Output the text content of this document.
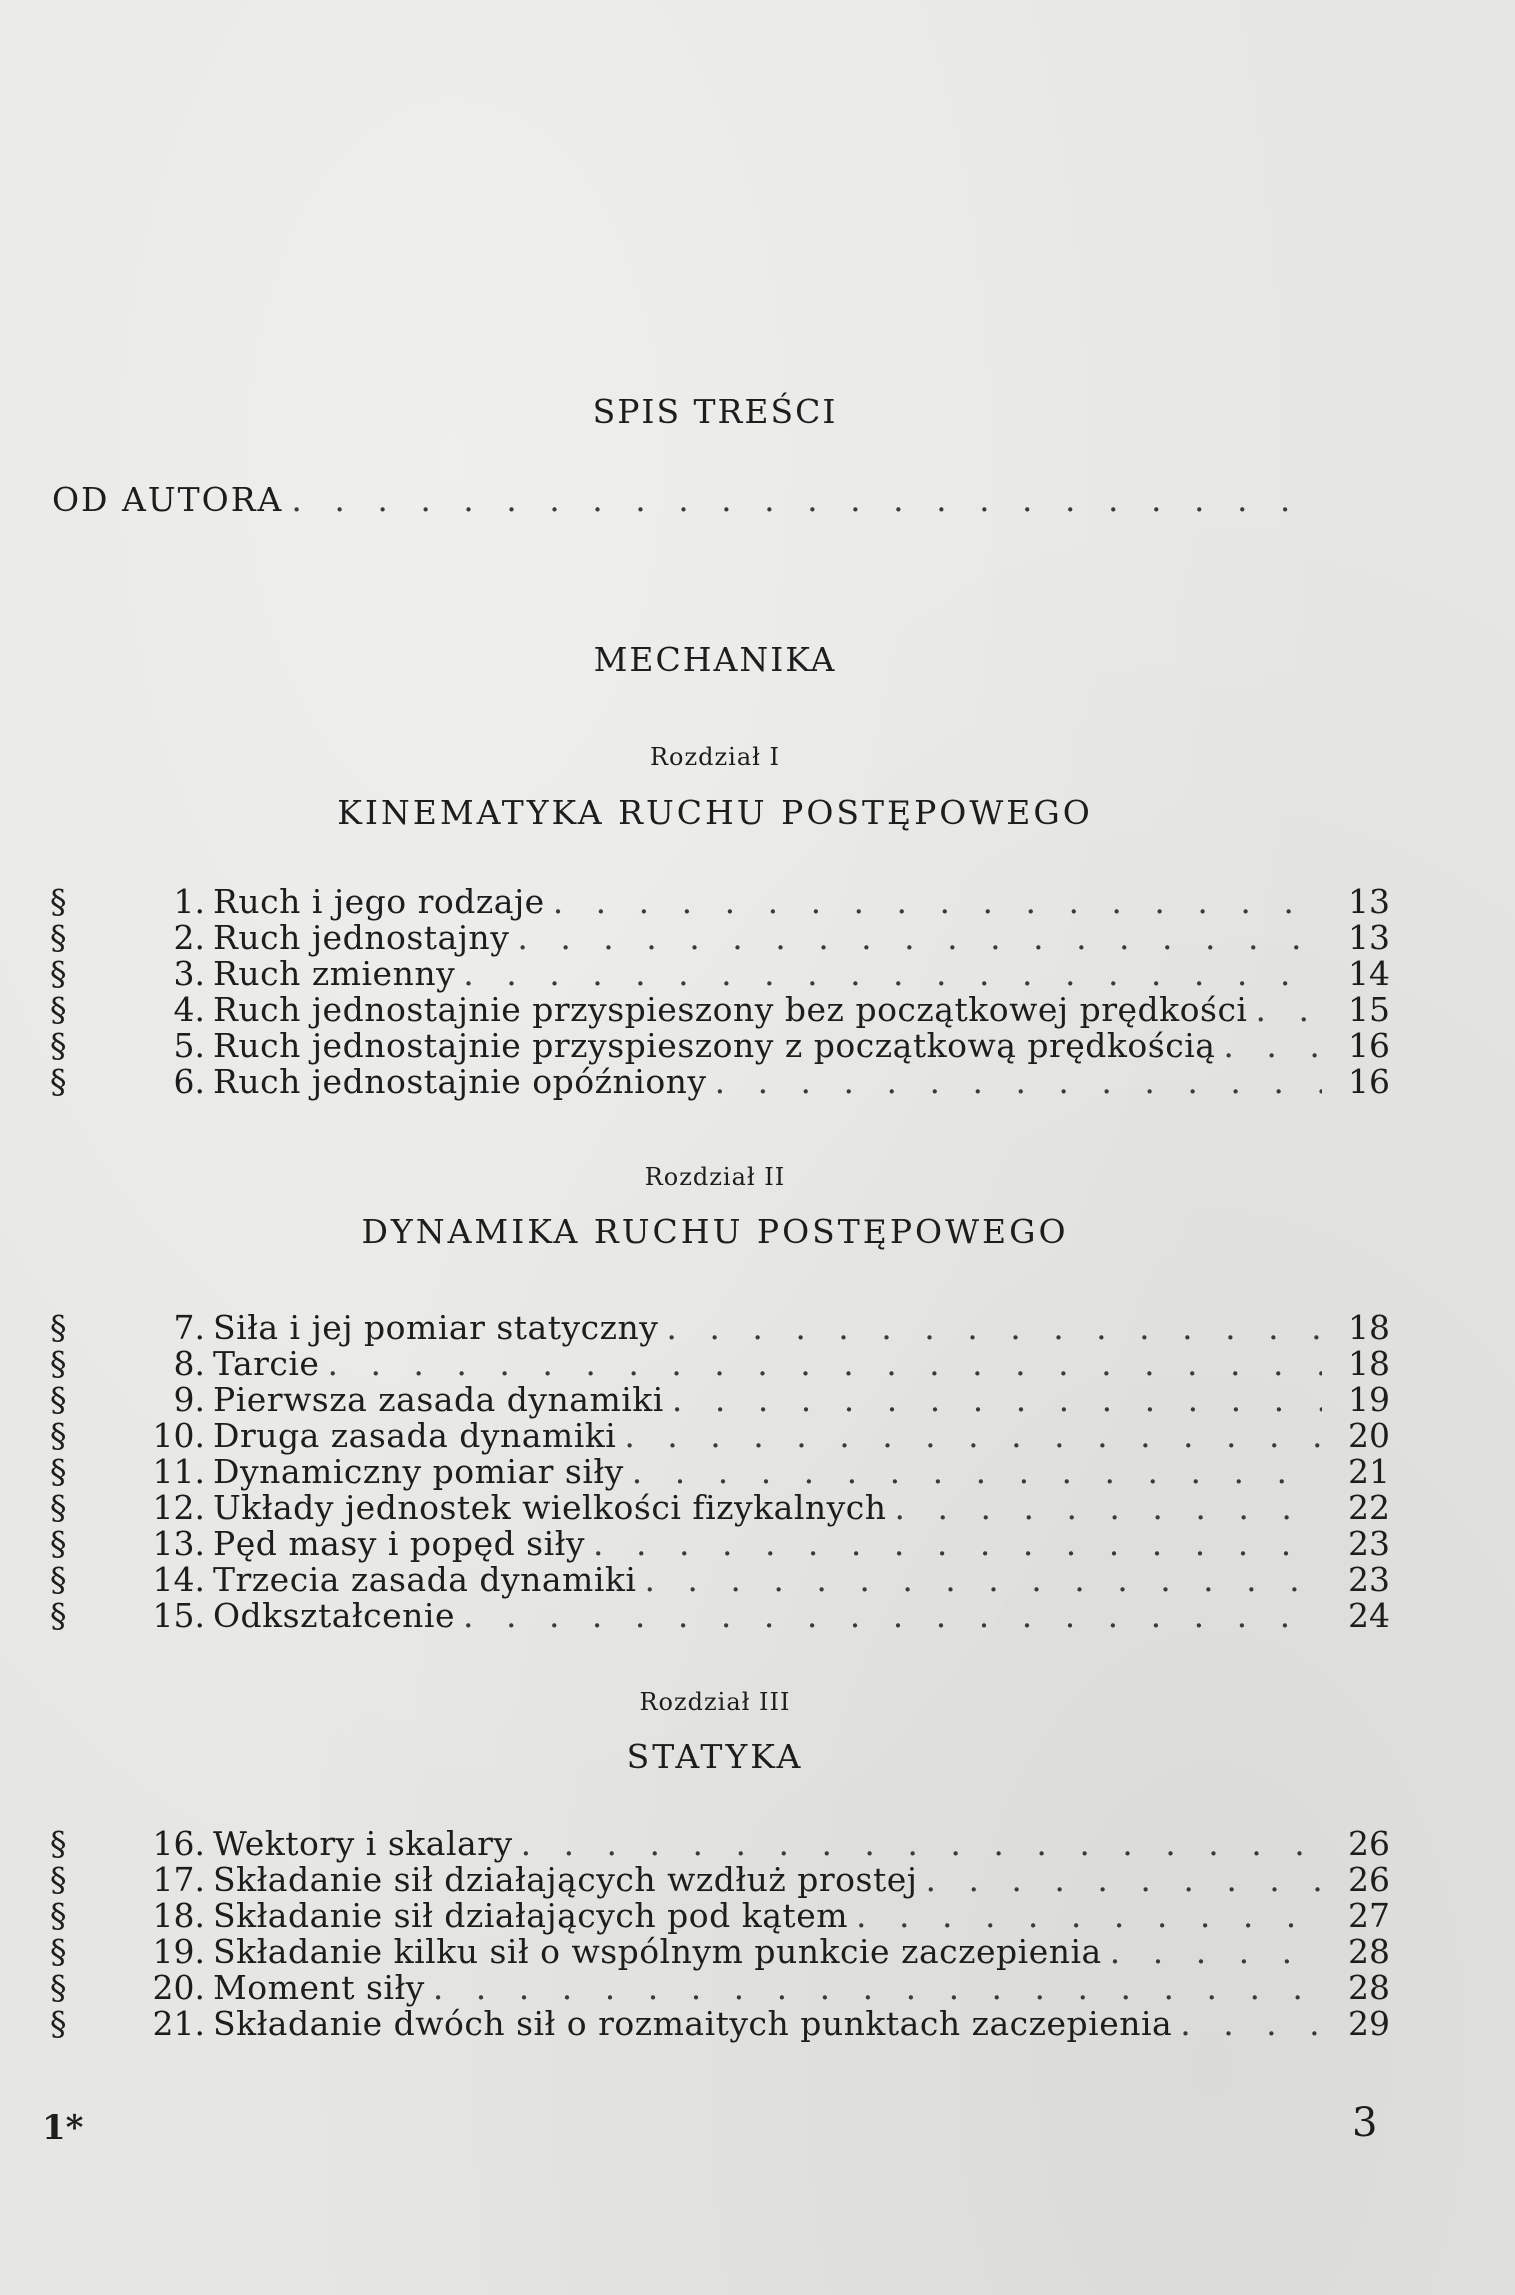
SPIS TREŚCI
OD AUTORA
. . .
MECHANIKA
Rozdział I
KINEMATYKA RUCHU POSTĘPOWEGO
§	1. Ruch i jego rodzaje . . .	13
§	2. Ruch jednostajny . . .	13
§	3. Ruch zmienny . . .	14
§	4. Ruch jednostajnie przyspieszony bez początkowej prędkości . . .	15
§	5. Ruch jednostajnie przyspieszony z początkową prędkością . . .	16
§	6. Ruch jednostajnie opóźniony . . .	16
Rozdział II
DYNAMIKA RUCHU POSTĘPOWEGO
§	7. Siła i jej pomiar statyczny . . .	18
§	8. Tarcie . . .	18
§	9. Pierwsza zasada dynamiki . . .	19
§	10. Druga zasada dynamiki . . .	20
§	11. Dynamiczny pomiar siły . . .	21
§	12. Układy jednostek wielkości fizykalnych . . .	22
§	13. Pęd masy i popęd siły . . .	23
§	14. Trzecia zasada dynamiki . . .	23
§	15. Odkształcenie . . .	24
Rozdział III
STATYKA
§	16. Wektory i skalary . . .	26
§	17. Składanie sił działających wzdłuż prostej . . .	26
§	18. Składanie sił działających pod kątem . . .	27
§	19. Składanie kilku sił o wspólnym punkcie zaczepienia . . .	28
§	20. Moment siły . . .	28
§	21. Składanie dwóch sił o rozmaitych punktach zaczepienia . . .	29
1*	3
